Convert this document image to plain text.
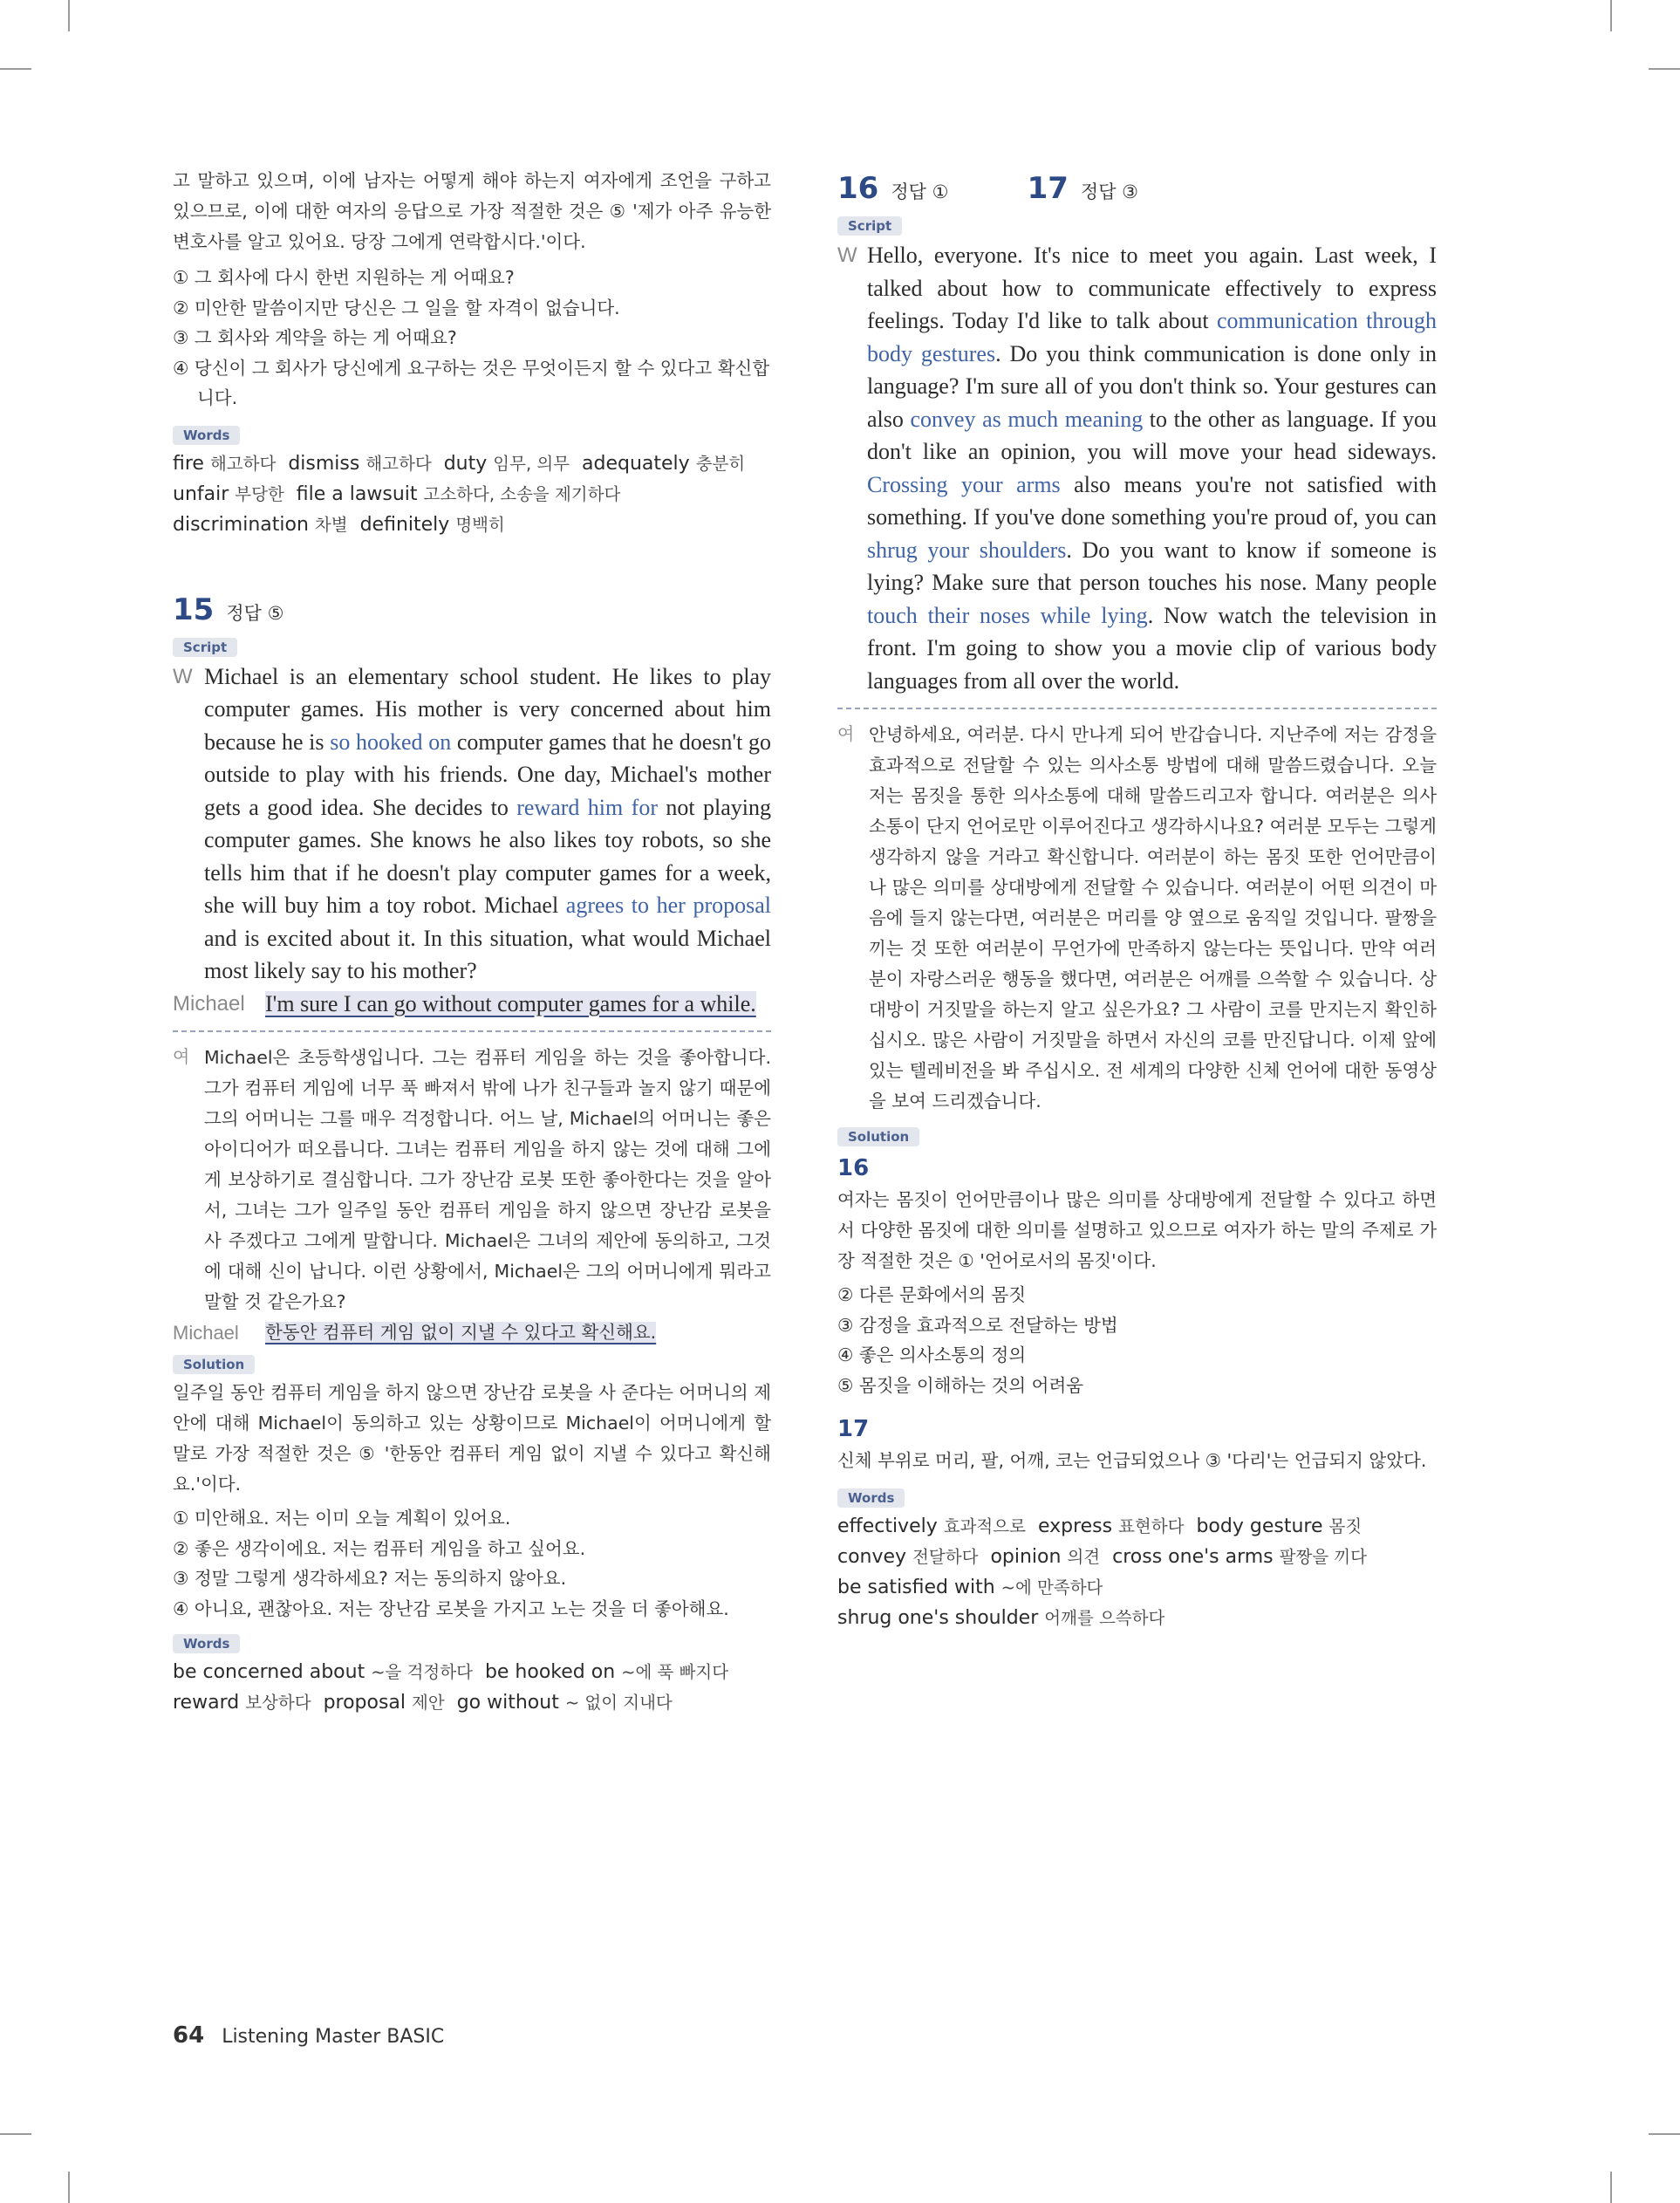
고 말하고 있으며, 이에 남자는 어떻게 해야 하는지 여자에게 조언을 구하고 있으므로, 이에 대한 여자의 응답으로 가장 적절한 것은 ⑤ '제가 아주 유능한 변호사를 알고 있어요. 당장 그에게 연락합시다.'이다.

① 그 회사에 다시 한번 지원하는 게 어때요?

② 미안한 말씀이지만 당신은 그 일을 할 자격이 없습니다.

③ 그 회사와 계약을 하는 게 어때요?

④ 당신이 그 회사가 당신에게 요구하는 것은 무엇이든지 할 수 있다고 확신합니다.

Words

fire 해고하다 dismiss 해고하다 duty 임무, 의무 adequately 충분히

unfair 부당한 file a lawsuit 고소하다, 소송을 제기하다

discrimination 차별 definitely 명백히

15 정답 ⑤
Script
W Michael is an elementary school student. He likes to play computer games. His mother is very concerned about him because he is so hooked on computer games that he doesn't go outside to play with his friends. One day, Michael's mother gets a good idea. She decides to reward him for not playing computer games. She knows he also likes toy robots, so she tells him that if he doesn't play computer games for a week, she will buy him a toy robot. Michael agrees to her proposal and is excited about it. In this situation, what would Michael most likely say to his mother?

Michael I'm sure I can go without computer games for a while.

여 Michael은 초등학생입니다. 그는 컴퓨터 게임을 하는 것을 좋아합니다. 그가 컴퓨터 게임에 너무 푹 빠져서 밖에 나가 친구들과 놀지 않기 때문에 그의 어머니는 그를 매우 걱정합니다. 어느 날, Michael의 어머니는 좋은 아이디어가 떠오릅니다. 그녀는 컴퓨터 게임을 하지 않는 것에 대해 그에게 보상하기로 결심합니다. 그가 장난감 로봇 또한 좋아한다는 것을 알아서, 그녀는 그가 일주일 동안 컴퓨터 게임을 하지 않으면 장난감 로봇을 사 주겠다고 그에게 말합니다. Michael은 그녀의 제안에 동의하고, 그것에 대해 신이 납니다. 이런 상황에서, Michael은 그의 어머니에게 뭐라고 말할 것 같은가요?

Michael	한동안 컴퓨터 게임 없이 지낼 수 있다고 확신해요.

Solution

일주일 동안 컴퓨터 게임을 하지 않으면 장난감 로봇을 사 준다는 어머니의 제안에 대해 Michael이 동의하고 있는 상황이므로 Michael이 어머니에게 할 말로 가장 적절한 것은 ⑤ '한동안 컴퓨터 게임 없이 지낼 수 있다고 확신해요.'이다.

① 미안해요. 저는 이미 오늘 계획이 있어요.

② 좋은 생각이에요. 저는 컴퓨터 게임을 하고 싶어요.

③ 정말 그렇게 생각하세요? 저는 동의하지 않아요.

④ 아니요, 괜찮아요. 저는 장난감 로봇을 가지고 노는 것을 더 좋아해요.

Words

be concerned about ~을 걱정하다 be hooked on ~에 푹 빠지다

reward 보상하다 proposal 제안 go without ~ 없이 지내다

16 정답 ①	17 정답 ③
Script
W Hello, everyone. It's nice to meet you again. Last week, I talked about how to communicate effectively to express feelings. Today I'd like to talk about communication through body gestures. Do you think communication is done only in language? I'm sure all of you don't think so. Your gestures can also convey as much meaning to the other as language. If you don't like an opinion, you will move your head sideways. Crossing your arms also means you're not satisfied with something. If you've done something you're proud of, you can shrug your shoulders. Do you want to know if someone is lying? Make sure that person touches his nose. Many people touch their noses while lying. Now watch the television in front. I'm going to show you a movie clip of various body languages from all over the world.

여 안녕하세요, 여러분. 다시 만나게 되어 반갑습니다. 지난주에 저는 감정을 효과적으로 전달할 수 있는 의사소통 방법에 대해 말씀드렸습니다. 오늘 저는 몸짓을 통한 의사소통에 대해 말씀드리고자 합니다. 여러분은 의사소통이 단지 언어로만 이루어진다고 생각하시나요? 여러분 모두는 그렇게 생각하지 않을 거라고 확신합니다. 여러분이 하는 몸짓 또한 언어만큼이나 많은 의미를 상대방에게 전달할 수 있습니다. 여러분이 어떤 의견이 마음에 들지 않는다면, 여러분은 머리를 양 옆으로 움직일 것입니다. 팔짱을 끼는 것 또한 여러분이 무언가에 만족하지 않는다는 뜻입니다. 만약 여러분이 자랑스러운 행동을 했다면, 여러분은 어깨를 으쓱할 수 있습니다. 상대방이 거짓말을 하는지 알고 싶은가요? 그 사람이 코를 만지는지 확인하십시오. 많은 사람이 거짓말을 하면서 자신의 코를 만진답니다. 이제 앞에 있는 텔레비전을 봐 주십시오. 전 세계의 다양한 신체 언어에 대한 동영상을 보여 드리겠습니다.

Solution
16

여자는 몸짓이 언어만큼이나 많은 의미를 상대방에게 전달할 수 있다고 하면서 다양한 몸짓에 대한 의미를 설명하고 있으므로 여자가 하는 말의 주제로 가장 적절한 것은 ① '언어로서의 몸짓'이다.

② 다른 문화에서의 몸짓

③ 감정을 효과적으로 전달하는 방법

④ 좋은 의사소통의 정의

⑤ 몸짓을 이해하는 것의 어려움

17

신체 부위로 머리, 팔, 어깨, 코는 언급되었으나 ③ '다리'는 언급되지 않았다.

Words

effectively 효과적으로 express 표현하다 body gesture 몸짓

convey 전달하다 opinion 의견 cross one's arms 팔짱을 끼다

be satisfied with ~에 만족하다

shrug one's shoulder 어깨를 으쓱하다

64 Listening Master BASIC
